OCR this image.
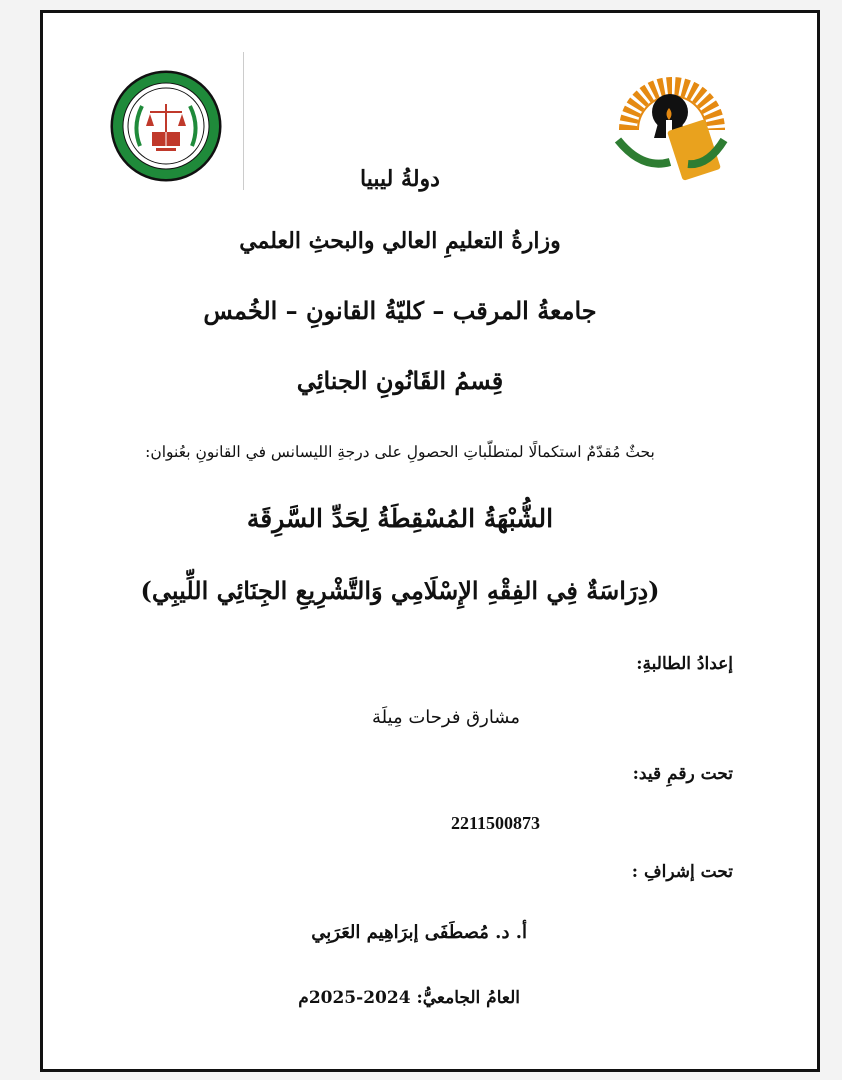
دولةُ ليبيا
وزارةُ التعليمِ العالي والبحثِ العلمي
جامعةُ المرقب – كليّةُ القانونِ – الخُمس
قِسمُ القَانُونِ الجنائِي
بحثٌ مُقدّمٌ استكمالًا لمتطلّباتِ الحصولِ على درجةِ الليسانس في القانونِ بعُنوان:
الشُّبْهَةُ المُسْقِطَةُ لِحَدِّ السَّرِقَة
(دِرَاسَةٌ فِي الفِقْهِ الإِسْلَامِي وَالتَّشْرِيعِ الجِنَائِي اللِّيبِي)
إعدادُ الطالبةِ:
مشارق فرحات مِيلَة
تحت رقمِ قيد:
2211500873
تحت إشرافِ :
أ. د. مُصطَفَى إبرَاهِيم العَرَبِي
العامُ الجامعيُّ: 2024-2025م
